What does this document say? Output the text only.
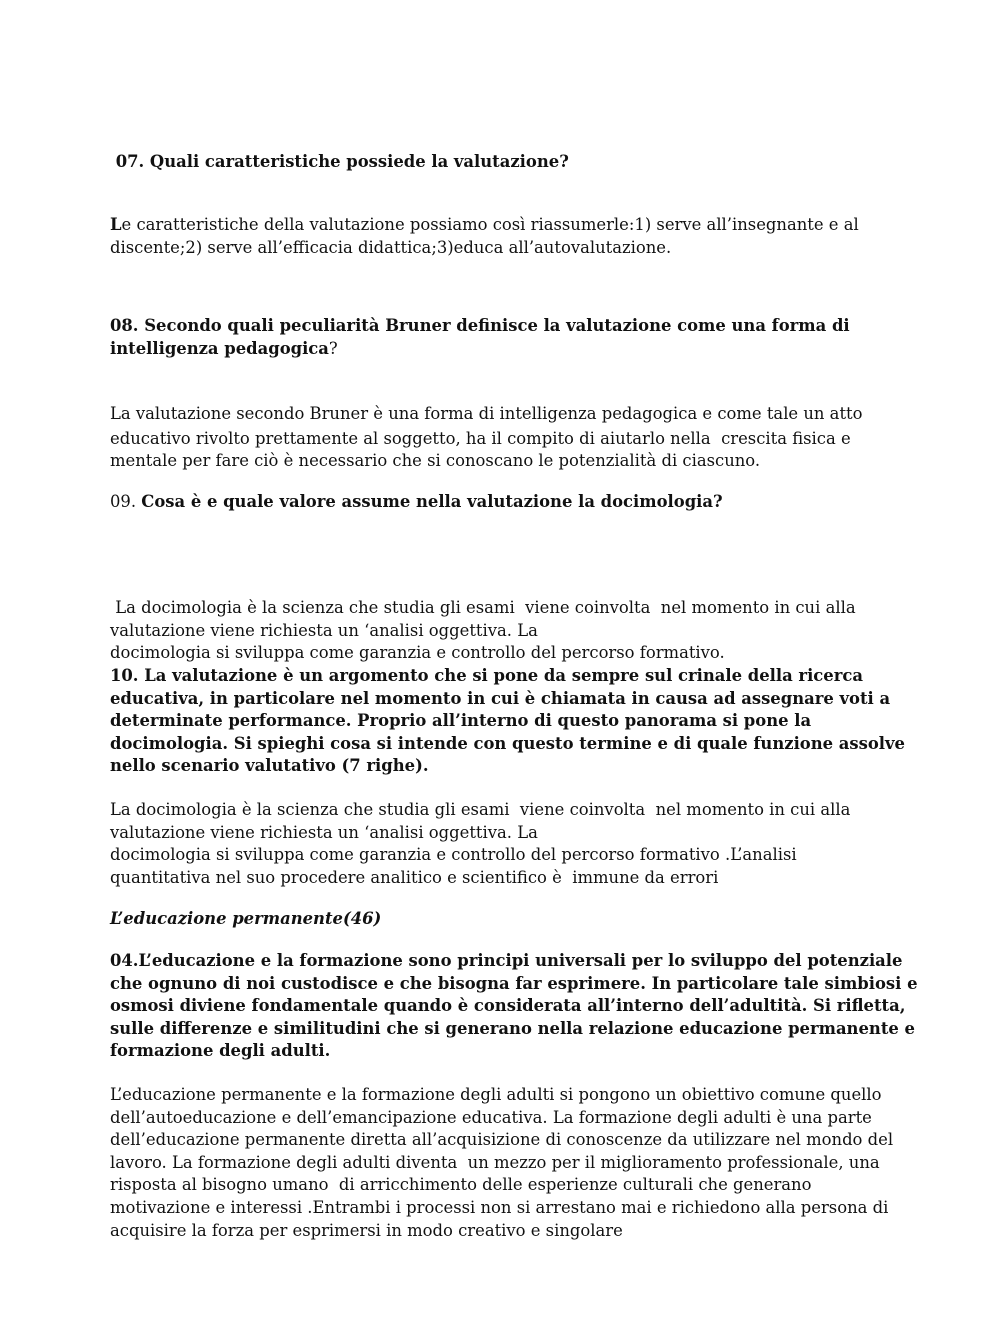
07. Quali caratteristiche possiede la valutazione?

Le caratteristiche della valutazione possiamo così riassumerle:1) serve all’insegnante e al
discente;2) serve all’efficacia didattica;3)educa all’autovalutazione.

08. Secondo quali peculiarità Bruner definisce la valutazione come una forma di
intelligenza pedagogica?

La valutazione secondo Bruner è una forma di intelligenza pedagogica e come tale un atto
educativo rivolto prettamente al soggetto, ha il compito di aiutarlo nella  crescita fisica e
mentale per fare ciò è necessario che si conoscano le potenzialità di ciascuno.

09. Cosa è e quale valore assume nella valutazione la docimologia?

La docimologia è la scienza che studia gli esami  viene coinvolta  nel momento in cui alla
valutazione viene richiesta un ‘analisi oggettiva. La
docimologia si sviluppa come garanzia e controllo del percorso formativo.

10. La valutazione è un argomento che si pone da sempre sul crinale della ricerca
educativa, in particolare nel momento in cui è chiamata in causa ad assegnare voti a
determinate performance. Proprio all’interno di questo panorama si pone la
docimologia. Si spieghi cosa si intende con questo termine e di quale funzione assolve
nello scenario valutativo (7 righe).

La docimologia è la scienza che studia gli esami  viene coinvolta  nel momento in cui alla
valutazione viene richiesta un ‘analisi oggettiva. La
docimologia si sviluppa come garanzia e controllo del percorso formativo .L’analisi
quantitativa nel suo procedere analitico e scientifico è  immune da errori

L’educazione permanente(46)

04.L’educazione e la formazione sono principi universali per lo sviluppo del potenziale
che ognuno di noi custodisce e che bisogna far esprimere. In particolare tale simbiosi e
osmosi diviene fondamentale quando è considerata all’interno dell’adultità. Si rifletta,
sulle differenze e similitudini che si generano nella relazione educazione permanente e
formazione degli adulti.

L’educazione permanente e la formazione degli adulti si pongono un obiettivo comune quello
dell’autoeducazione e dell’emancipazione educativa. La formazione degli adulti è una parte
dell’educazione permanente diretta all’acquisizione di conoscenze da utilizzare nel mondo del
lavoro. La formazione degli adulti diventa  un mezzo per il miglioramento professionale, una
risposta al bisogno umano  di arricchimento delle esperienze culturali che generano
motivazione e interessi .Entrambi i processi non si arrestano mai e richiedono alla persona di
acquisire la forza per esprimersi in modo creativo e singolare
